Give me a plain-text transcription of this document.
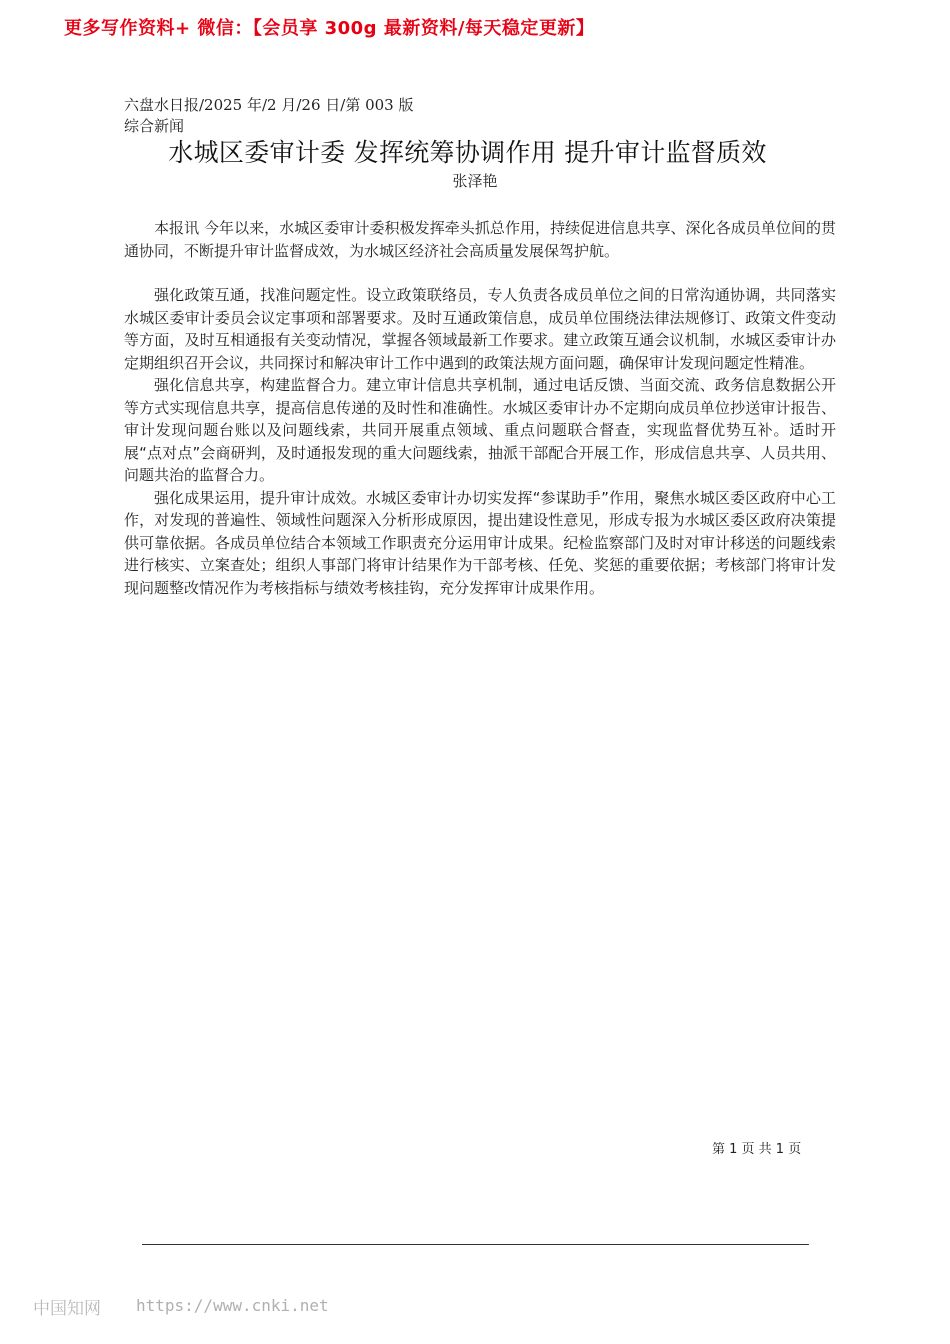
更多写作资料+ 微信：【会员享 300g 最新资料/每天稳定更新】
六盘水日报/2025 年/2 月/26 日/第 003 版综合新闻
水城区委审计委 发挥统筹协调作用 提升审计监督质效
张泽艳

本报讯 今年以来，水城区委审计委积极发挥牵头抓总作用，持续促进信息共享、深化各成员单位间的贯通协同，不断提升审计监督成效，为水城区经济社会高质量发展保驾护航。

强化政策互通，找准问题定性。设立政策联络员，专人负责各成员单位之间的日常沟通协调，共同落实水城区委审计委员会议定事项和部署要求。及时互通政策信息，成员单位围绕法律法规修订、政策文件变动等方面，及时互相通报有关变动情况，掌握各领域最新工作要求。建立政策互通会议机制，水城区委审计办定期组织召开会议，共同探讨和解决审计工作中遇到的政策法规方面问题，确保审计发现问题定性精准。

强化信息共享，构建监督合力。建立审计信息共享机制，通过电话反馈、当面交流、政务信息数据公开等方式实现信息共享，提高信息传递的及时性和准确性。水城区委审计办不定期向成员单位抄送审计报告、审计发现问题台账以及问题线索，共同开展重点领域、重点问题联合督查，实现监督优势互补。适时开展“点对点”会商研判，及时通报发现的重大问题线索，抽派干部配合开展工作，形成信息共享、人员共用、问题共治的监督合力。

强化成果运用，提升审计成效。水城区委审计办切实发挥“参谋助手”作用，聚焦水城区委区政府中心工作，对发现的普遍性、领域性问题深入分析形成原因，提出建设性意见，形成专报为水城区委区政府决策提供可靠依据。各成员单位结合本领域工作职责充分运用审计成果。纪检监察部门及时对审计移送的问题线索进行核实、立案查处；组织人事部门将审计结果作为干部考核、任免、奖惩的重要依据；考核部门将审计发现问题整改情况作为考核指标与绩效考核挂钩，充分发挥审计成果作用。

第 1 页 共 1 页
中国知网 https://www.cnki.net
